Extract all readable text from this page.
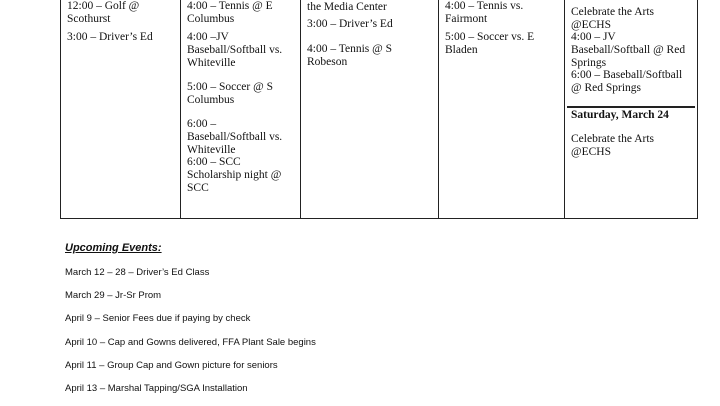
12:00 – Golf @ Scothurst
3:00 – Driver’s Ed
4:00 – Tennis @ E Columbus
4:00 –JV Baseball/Softball vs. Whiteville
5:00 – Soccer @ S Columbus
6:00 – Baseball/Softball vs. Whiteville
6:00 – SCC Scholarship night @ SCC
the Media Center
3:00 – Driver’s Ed
4:00 – Tennis @ S Robeson
4:00 – Tennis vs. Fairmont
5:00 – Soccer vs. E Bladen
Celebrate the Arts @ECHS
4:00 – JV Baseball/Softball @ Red Springs
6:00 – Baseball/Softball @ Red Springs
Saturday, March 24
Celebrate the Arts @ECHS
Upcoming Events:
March 12 – 28 – Driver’s Ed Class
March 29 – Jr-Sr Prom
April 9 – Senior Fees due if paying by check
April 10 – Cap and Gowns delivered, FFA Plant Sale begins
April 11 – Group Cap and Gown picture for seniors
April 13 – Marshal Tapping/SGA Installation
